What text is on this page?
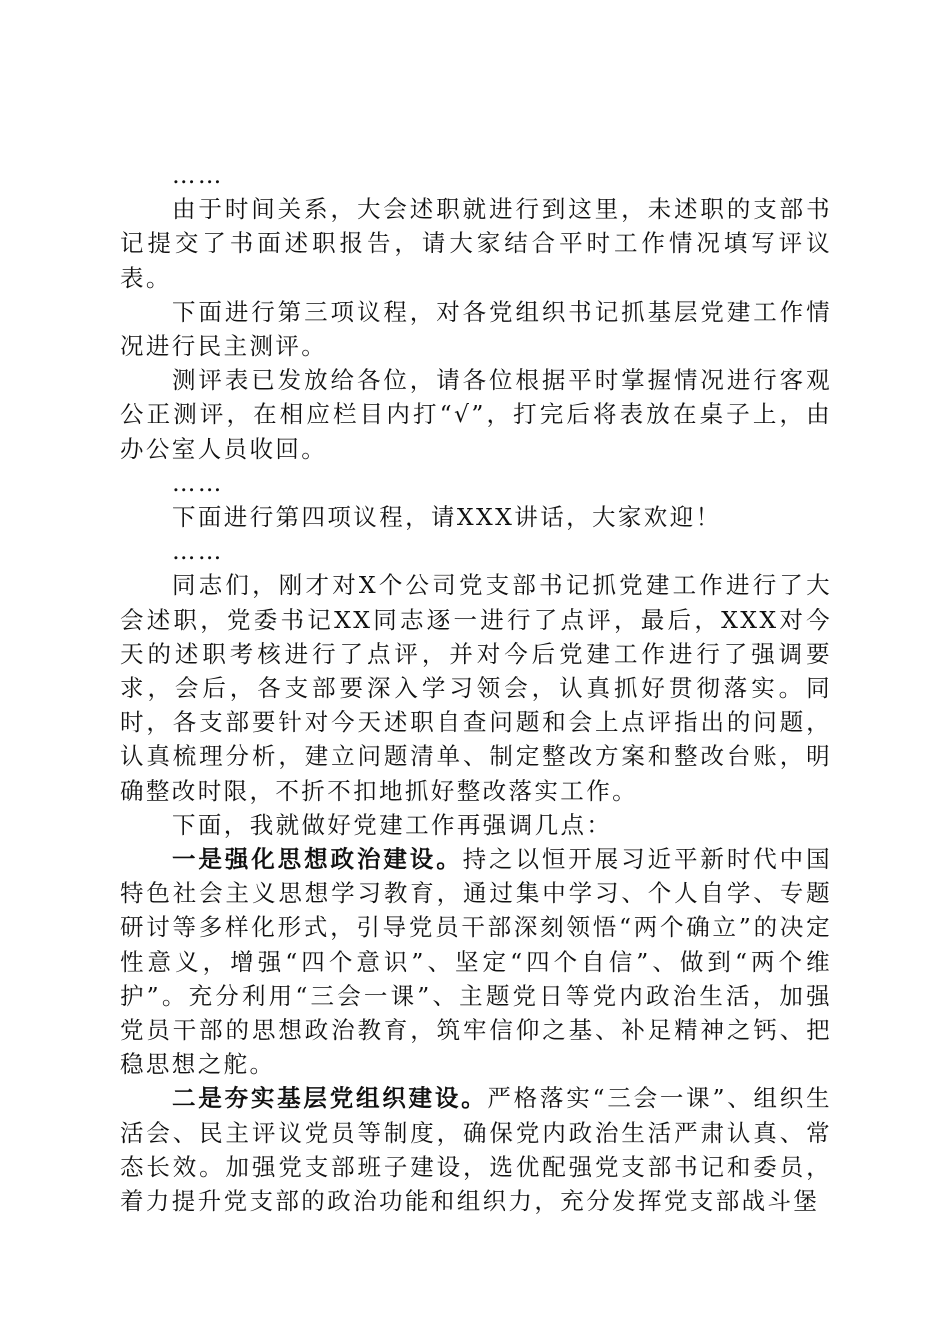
……

由于时间关系，大会述职就进行到这里，未述职的支部书记提交了书面述职报告，请大家结合平时工作情况填写评议表。

下面进行第三项议程，对各党组织书记抓基层党建工作情况进行民主测评。

测评表已发放给各位，请各位根据平时掌握情况进行客观公正测评，在相应栏目内打“√”，打完后将表放在桌子上，由办公室人员收回。

……

下面进行第四项议程，请XXX讲话，大家欢迎！

……

同志们，刚才对X个公司党支部书记抓党建工作进行了大会述职，党委书记XX同志逐一进行了点评，最后，XXX对今天的述职考核进行了点评，并对今后党建工作进行了强调要求，会后，各支部要深入学习领会，认真抓好贯彻落实。同时，各支部要针对今天述职自查问题和会上点评指出的问题，认真梳理分析，建立问题清单、制定整改方案和整改台账，明确整改时限，不折不扣地抓好整改落实工作。

下面，我就做好党建工作再强调几点：

一是强化思想政治建设。持之以恒开展习近平新时代中国特色社会主义思想学习教育，通过集中学习、个人自学、专题研讨等多样化形式，引导党员干部深刻领悟“两个确立”的决定性意义，增强“四个意识”、坚定“四个自信”、做到“两个维护”。充分利用“三会一课”、主题党日等党内政治生活，加强党员干部的思想政治教育，筑牢信仰之基、补足精神之钙、把稳思想之舵。

二是夯实基层党组织建设。严格落实“三会一课”、组织生活会、民主评议党员等制度，确保党内政治生活严肃认真、常态长效。加强党支部班子建设，选优配强党支部书记和委员，着力提升党支部的政治功能和组织力，充分发挥党支部战斗堡
